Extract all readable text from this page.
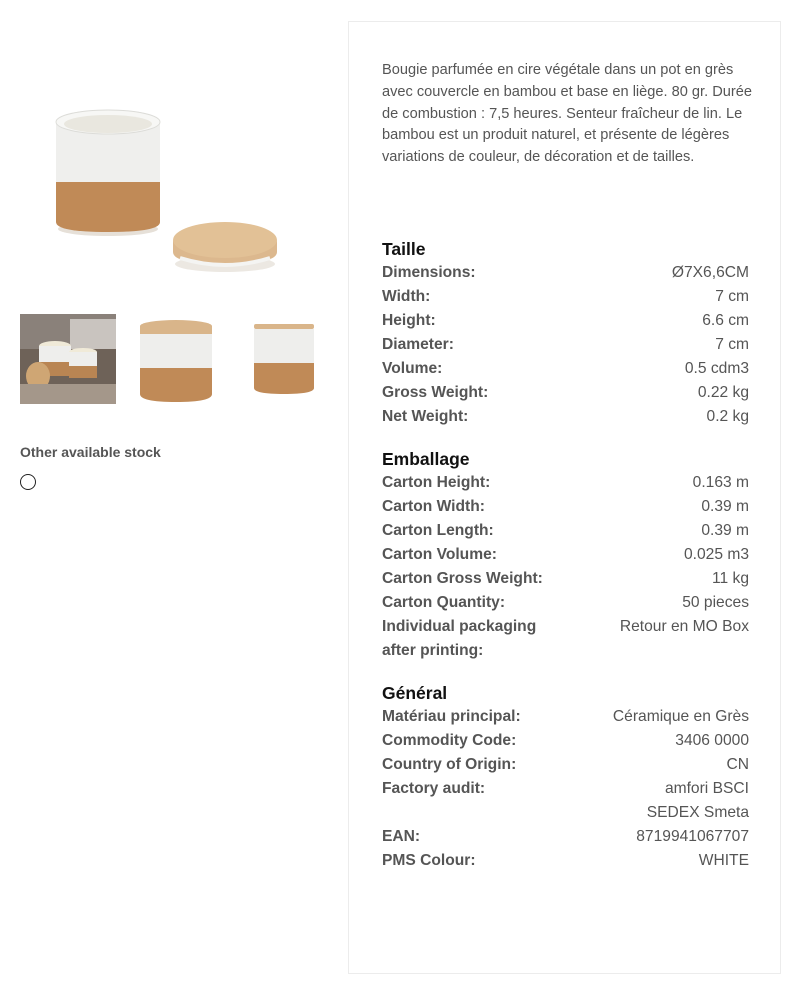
Other available stock
Bougie parfumée en cire végétale dans un pot en grès avec couvercle en bambou et base en liège. 80 gr. Durée de combustion : 7,5 heures. Senteur fraîcheur de lin. Le bambou est un produit naturel, et présente de légères variations de couleur, de décoration et de tailles.
Taille
Dimensions:	Ø7X6,6CM
Width:	7 cm
Height:	6.6 cm
Diameter:	7 cm
Volume:	0.5 cdm3
Gross Weight:	0.22 kg
Net Weight:	0.2 kg
Emballage
Carton Height:	0.163 m
Carton Width:	0.39 m
Carton Length:	0.39 m
Carton Volume:	0.025 m3
Carton Gross Weight:	11 kg
Carton Quantity:	50 pieces
Individual packaging after printing:
Retour en MO Box
Général
Matériau principal:	Céramique en Grès
Commodity Code:	3406 0000
Country of Origin:	CN
Factory audit:	amfori BSCI
SEDEX Smeta
EAN:	8719941067707
PMS Colour:	WHITE
